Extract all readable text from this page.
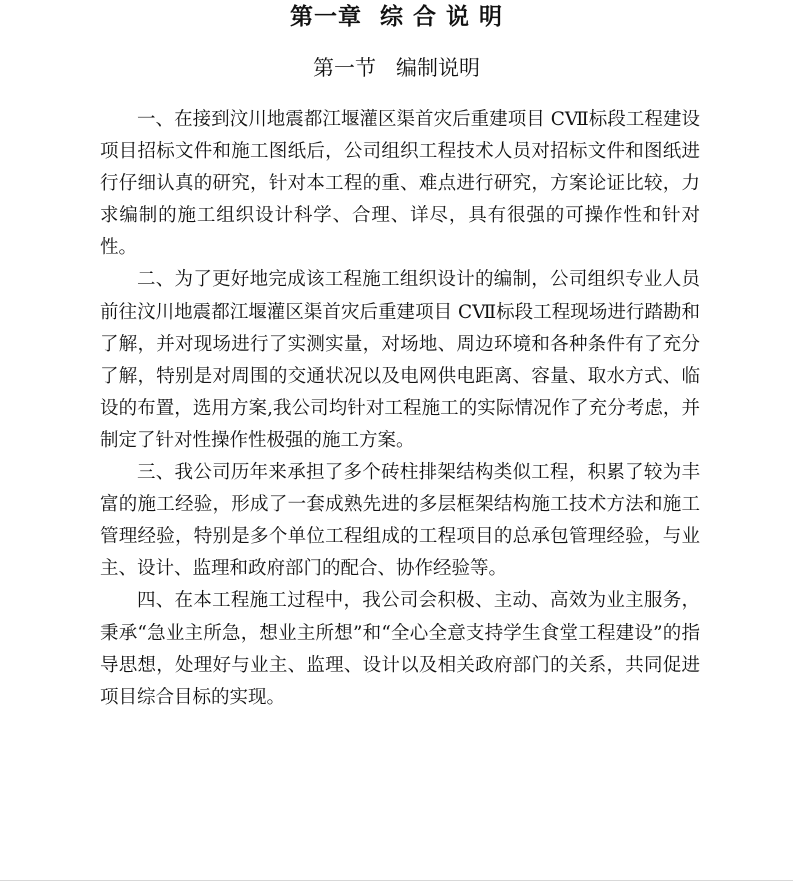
第一章  综 合 说 明
第一节   编制说明

一、在接到汶川地震都江堰灌区渠首灾后重建项目 CⅦ标段工程建设项目招标文件和施工图纸后，公司组织工程技术人员对招标文件和图纸进行仔细认真的研究，针对本工程的重、难点进行研究，方案论证比较，力求编制的施工组织设计科学、合理、详尽，具有很强的可操作性和针对性。

二、为了更好地完成该工程施工组织设计的编制，公司组织专业人员前往汶川地震都江堰灌区渠首灾后重建项目 CⅦ标段工程现场进行踏勘和了解，并对现场进行了实测实量，对场地、周边环境和各种条件有了充分了解，特别是对周围的交通状况以及电网供电距离、容量、取水方式、临设的布置，选用方案,我公司均针对工程施工的实际情况作了充分考虑，并制定了针对性操作性极强的施工方案。

三、我公司历年来承担了多个砖柱排架结构类似工程，积累了较为丰富的施工经验，形成了一套成熟先进的多层框架结构施工技术方法和施工管理经验，特别是多个单位工程组成的工程项目的总承包管理经验，与业主、设计、监理和政府部门的配合、协作经验等。

四、在本工程施工过程中，我公司会积极、主动、高效为业主服务，秉承“急业主所急，想业主所想”和“全心全意支持学生食堂工程建设”的指导思想，处理好与业主、监理、设计以及相关政府部门的关系，共同促进项目综合目标的实现。
